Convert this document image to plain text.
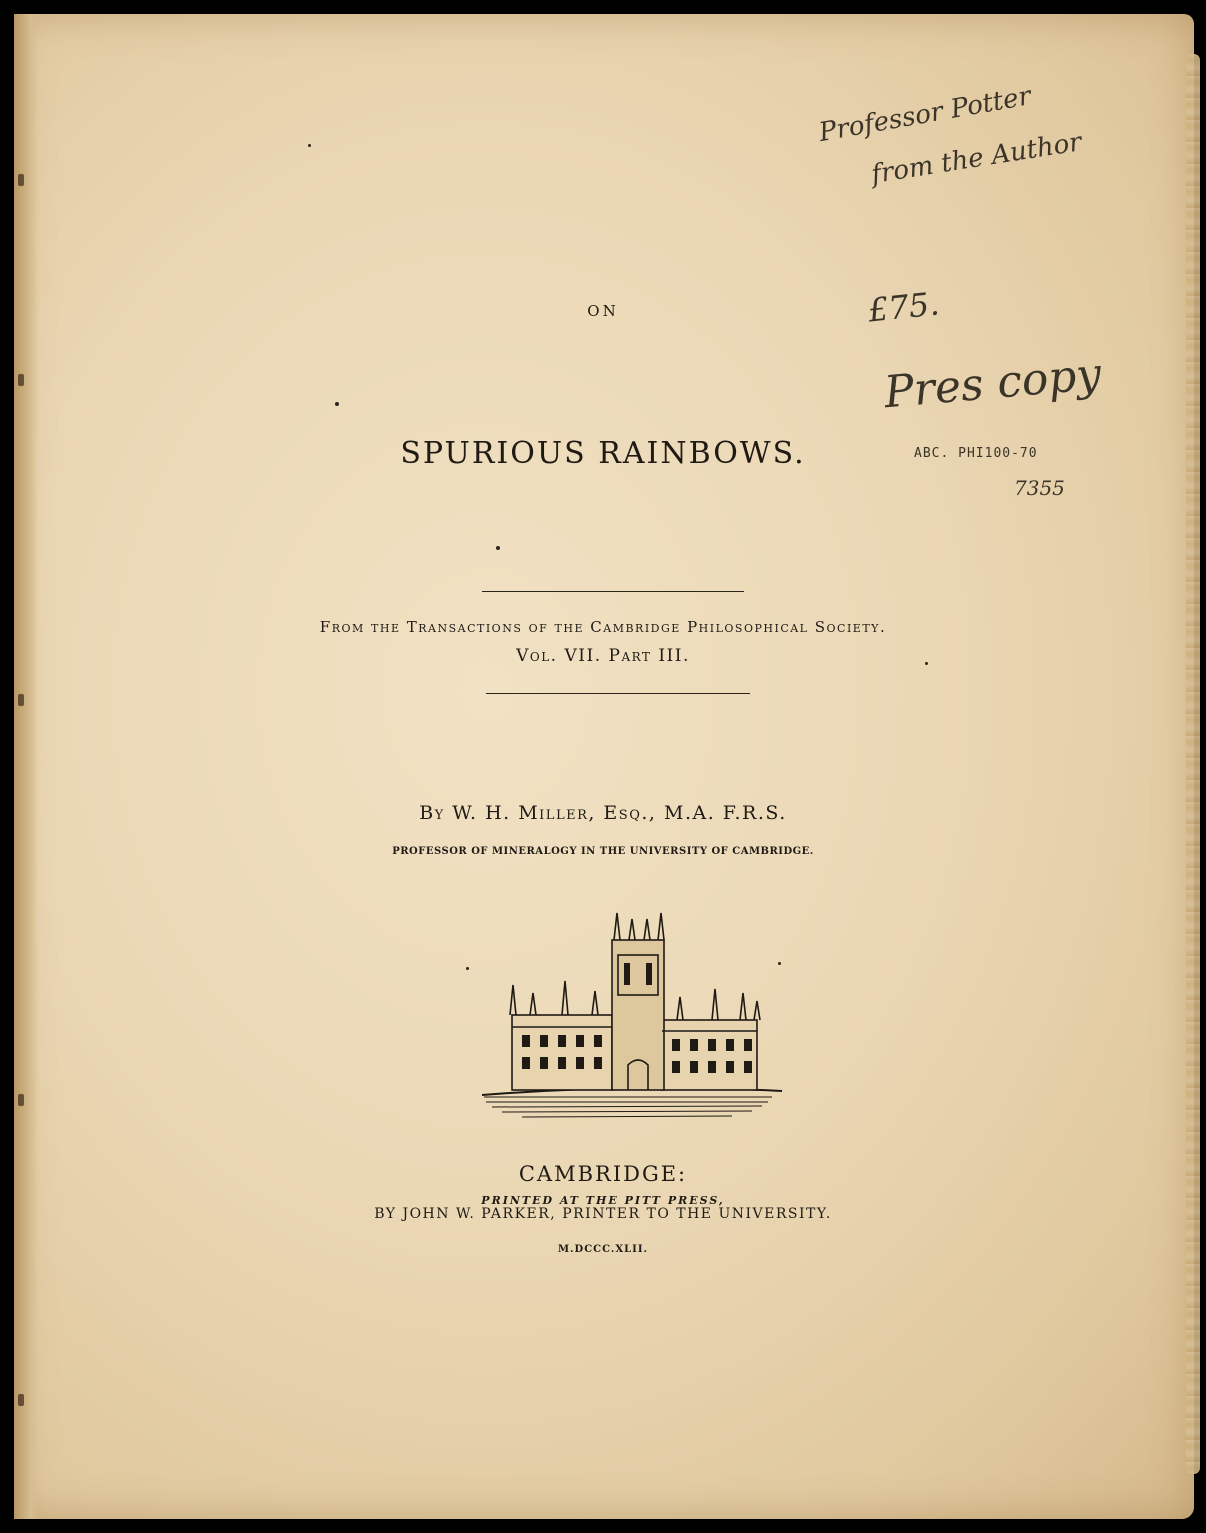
ON
SPURIOUS RAINBOWS.
From the Transactions of the Cambridge Philosophical Society.
Vol. VII. Part III.
By W. H. Miller, Esq., M.A. F.R.S.
PROFESSOR OF MINERALOGY IN THE UNIVERSITY OF CAMBRIDGE.
CAMBRIDGE:
PRINTED AT THE PITT PRESS,
BY JOHN W. PARKER, PRINTER TO THE UNIVERSITY.
M.DCCC.XLII.
Professor Potter
from the Author
£75.
Pres copy
ABC. PHI100-70
7355
